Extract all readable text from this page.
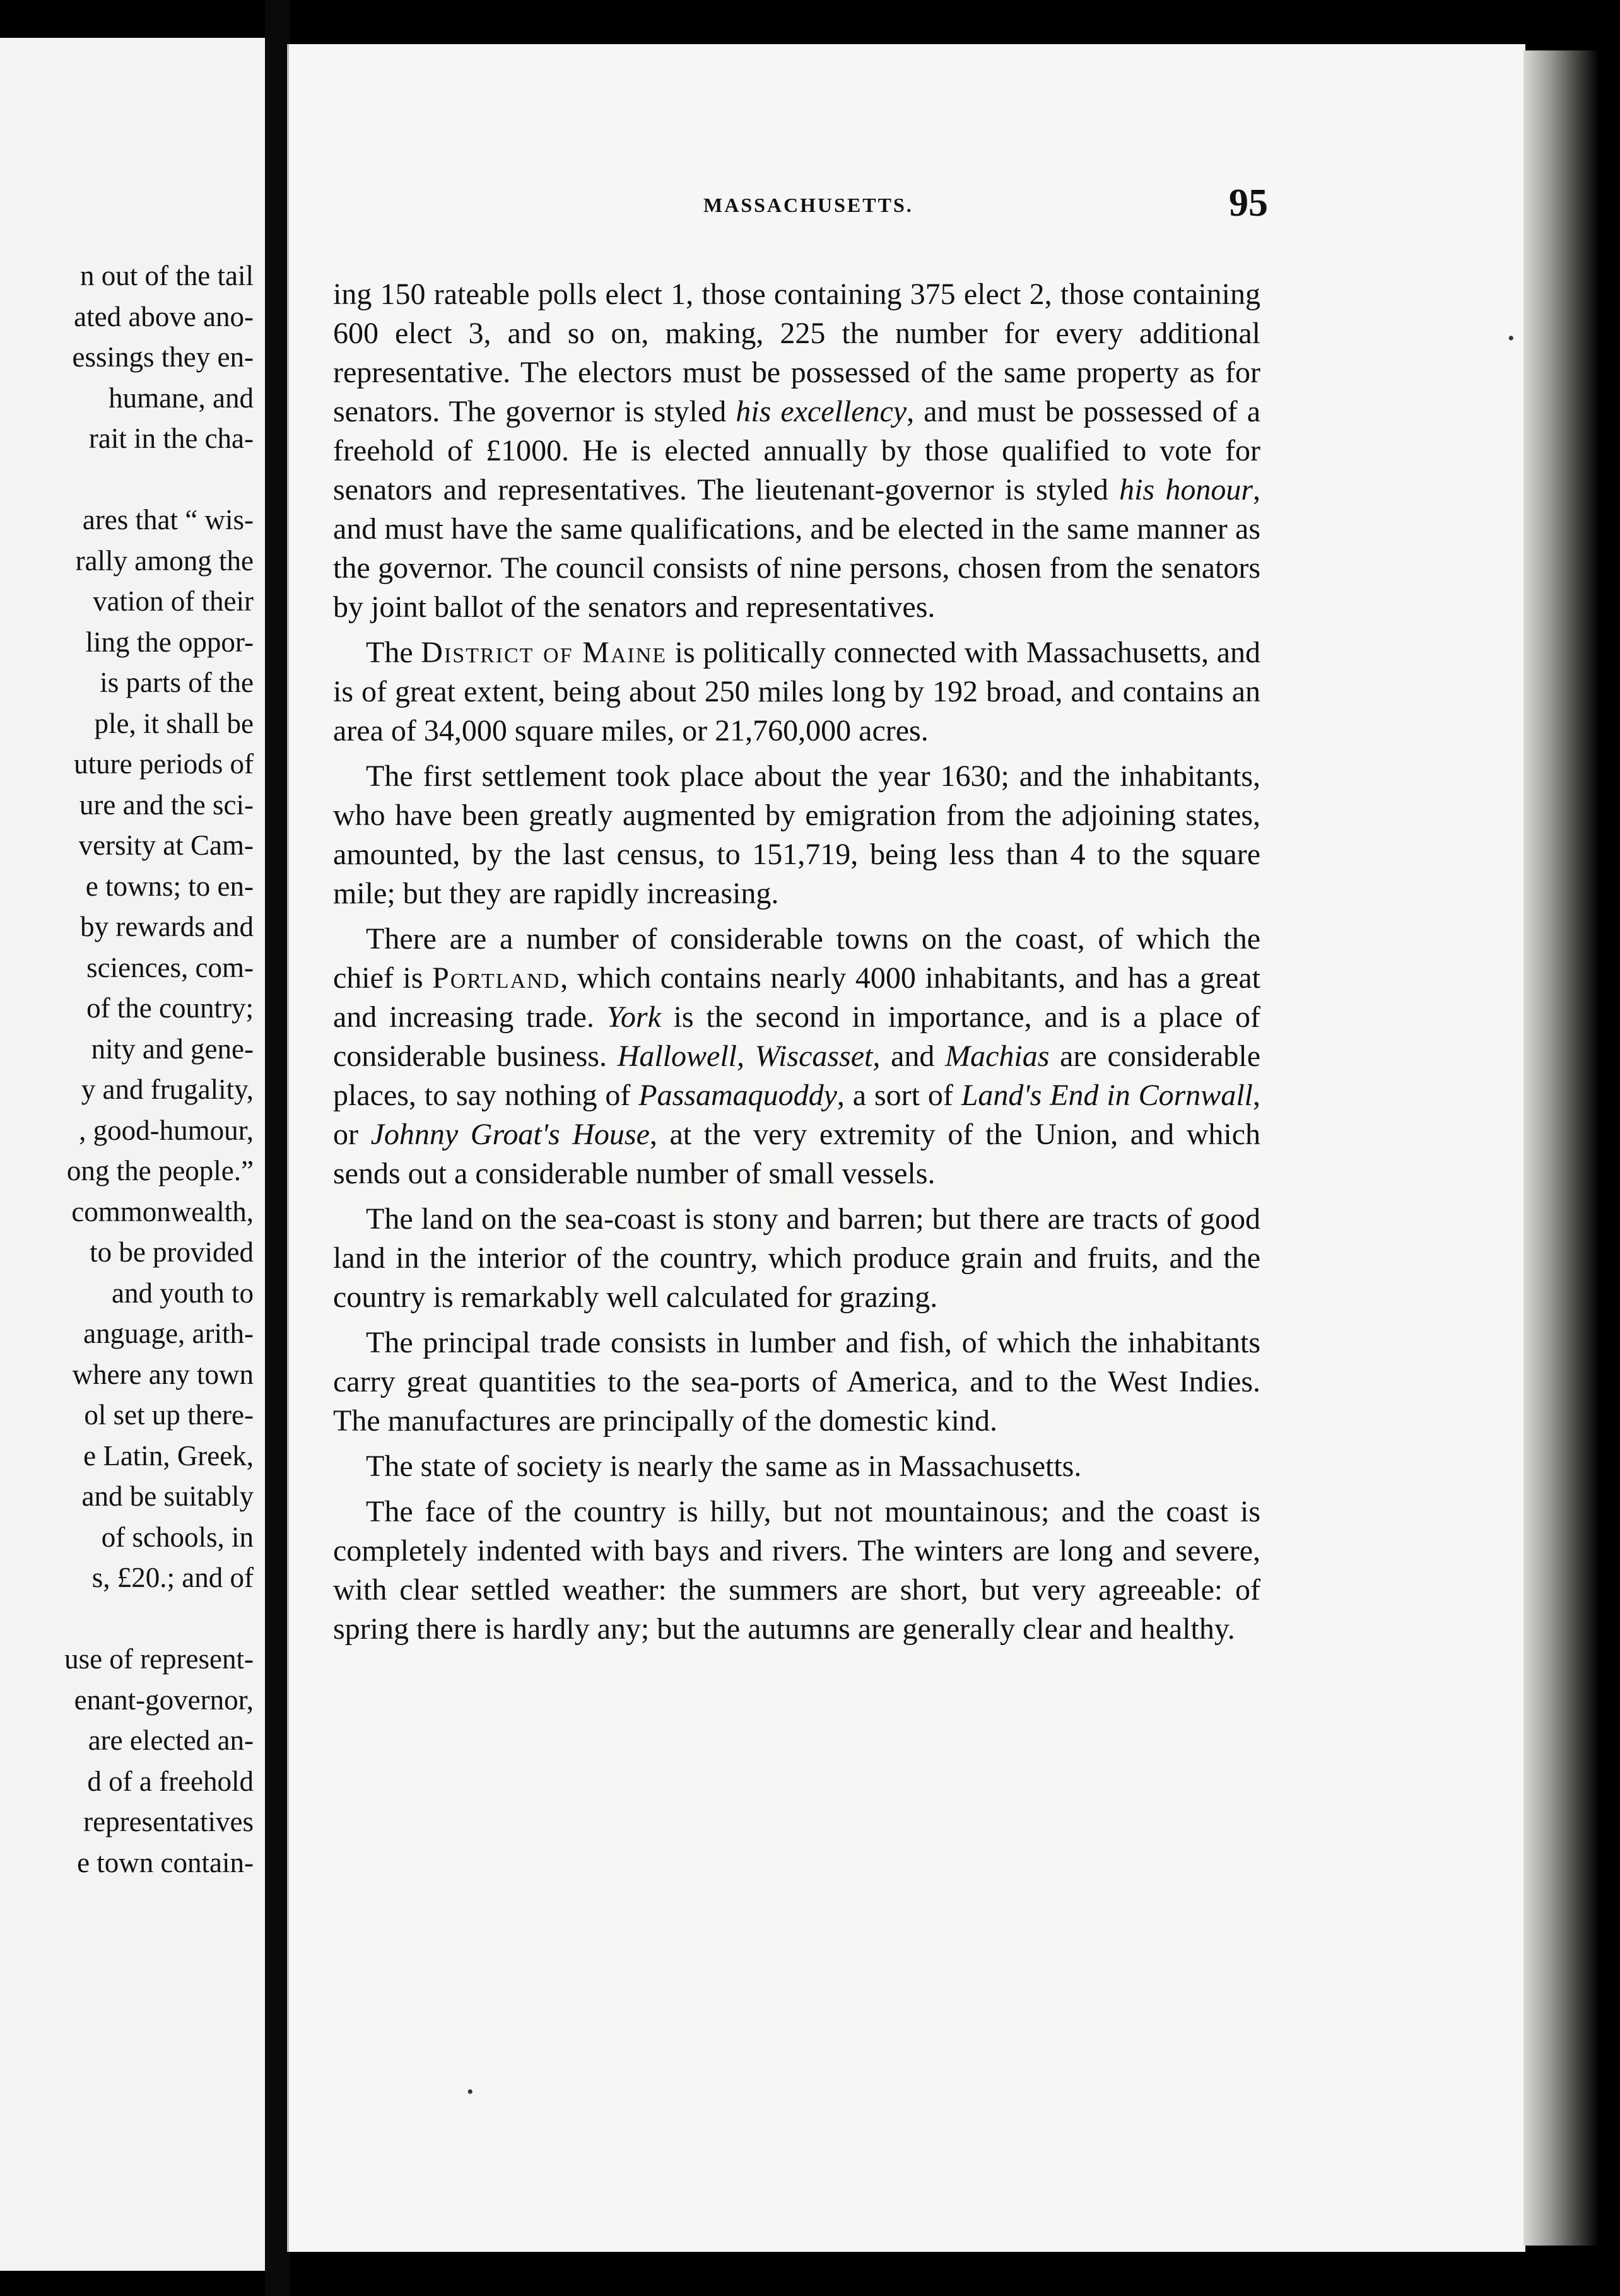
n out of the tail
ated above ano-
essings they en-
humane, and
rait in the cha-
ares that “ wis-
rally among the
vation of their
ling the oppor-
is parts of the
ple, it shall be
uture periods of
ure and the sci-
versity at Cam-
e towns; to en-
by rewards and
sciences, com-
of the country;
nity and gene-
y and frugality,
, good-humour,
ong the people.”
commonwealth,
to be provided
and youth to
anguage, arith-
where any town
ol set up there-
e Latin, Greek,
and be suitably
of schools, in
s, £20.; and of
use of represent-
enant-governor,
are elected an-
d of a freehold
representatives
e town contain-
MASSACHUSETTS.	95

ing 150 rateable polls elect 1, those containing 375 elect 2, those containing 600 elect 3, and so on, making, 225 the number for every additional representative. The electors must be possessed of the same property as for senators. The governor is styled his excellency, and must be possessed of a freehold of £1000. He is elected annually by those qualified to vote for senators and representatives. The lieutenant-governor is styled his honour, and must have the same qualifications, and be elected in the same manner as the governor. The council consists of nine persons, chosen from the senators by joint ballot of the senators and representatives.

The District of Maine is politically connected with Massachusetts, and is of great extent, being about 250 miles long by 192 broad, and contains an area of 34,000 square miles, or 21,760,000 acres.

The first settlement took place about the year 1630; and the inhabitants, who have been greatly augmented by emigration from the adjoining states, amounted, by the last census, to 151,719, being less than 4 to the square mile; but they are rapidly increasing.

There are a number of considerable towns on the coast, of which the chief is Portland, which contains nearly 4000 inhabitants, and has a great and increasing trade. York is the second in importance, and is a place of considerable business. Hallowell, Wiscasset, and Machias are considerable places, to say nothing of Passamaquoddy, a sort of Land's End in Cornwall, or Johnny Groat's House, at the very extremity of the Union, and which sends out a considerable number of small vessels.

The land on the sea-coast is stony and barren; but there are tracts of good land in the interior of the country, which produce grain and fruits, and the country is remarkably well calculated for grazing.

The principal trade consists in lumber and fish, of which the inhabitants carry great quantities to the sea-ports of America, and to the West Indies. The manufactures are principally of the domestic kind.

The state of society is nearly the same as in Massachusetts.

The face of the country is hilly, but not mountainous; and the coast is completely indented with bays and rivers. The winters are long and severe, with clear settled weather: the summers are short, but very agreeable: of spring there is hardly any; but the autumns are generally clear and healthy.

•
•
